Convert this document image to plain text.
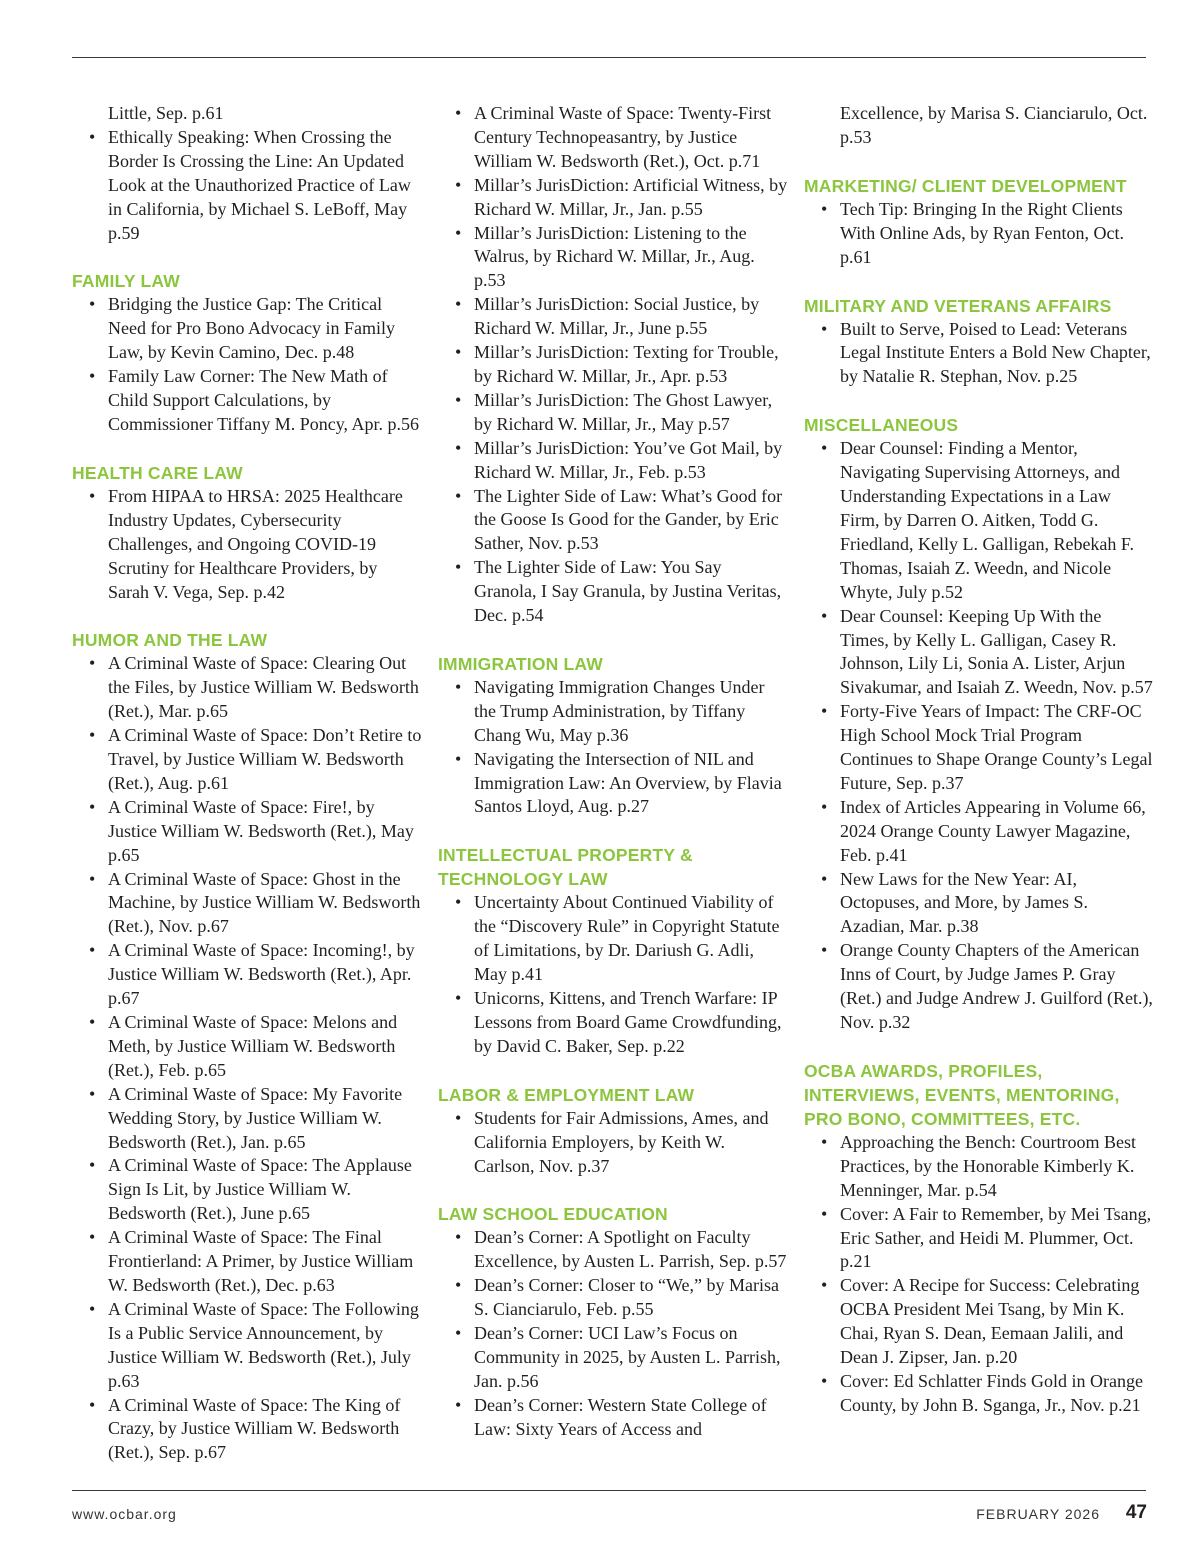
Little, Sep. p.61
• Ethically Speaking: When Crossing the Border Is Crossing the Line: An Updated Look at the Unauthorized Practice of Law in California, by Michael S. LeBoff, May p.59
FAMILY LAW
• Bridging the Justice Gap: The Critical Need for Pro Bono Advocacy in Family Law, by Kevin Camino, Dec. p.48
• Family Law Corner: The New Math of Child Support Calculations, by Commissioner Tiffany M. Poncy, Apr. p.56
HEALTH CARE LAW
• From HIPAA to HRSA: 2025 Healthcare Industry Updates, Cybersecurity Challenges, and Ongoing COVID-19 Scrutiny for Healthcare Providers, by Sarah V. Vega, Sep. p.42
HUMOR AND THE LAW
• A Criminal Waste of Space: Clearing Out the Files, by Justice William W. Bedsworth (Ret.), Mar. p.65
• A Criminal Waste of Space: Don’t Retire to Travel, by Justice William W. Bedsworth (Ret.), Aug. p.61
• A Criminal Waste of Space: Fire!, by Justice William W. Bedsworth (Ret.), May p.65
• A Criminal Waste of Space: Ghost in the Machine, by Justice William W. Bedsworth (Ret.), Nov. p.67
• A Criminal Waste of Space: Incoming!, by Justice William W. Bedsworth (Ret.), Apr. p.67
• A Criminal Waste of Space: Melons and Meth, by Justice William W. Bedsworth (Ret.), Feb. p.65
• A Criminal Waste of Space: My Favorite Wedding Story, by Justice William W. Bedsworth (Ret.), Jan. p.65
• A Criminal Waste of Space: The Applause Sign Is Lit, by Justice William W. Bedsworth (Ret.), June p.65
• A Criminal Waste of Space: The Final Frontierland: A Primer, by Justice William W. Bedsworth (Ret.), Dec. p.63
• A Criminal Waste of Space: The Following Is a Public Service Announcement, by Justice William W. Bedsworth (Ret.), July p.63
• A Criminal Waste of Space: The King of Crazy, by Justice William W. Bedsworth (Ret.), Sep. p.67
• A Criminal Waste of Space: Twenty-First Century Technopeasantry, by Justice William W. Bedsworth (Ret.), Oct. p.71
• Millar’s JurisDiction: Artificial Witness, by Richard W. Millar, Jr., Jan. p.55
• Millar’s JurisDiction: Listening to the Walrus, by Richard W. Millar, Jr., Aug. p.53
• Millar’s JurisDiction: Social Justice, by Richard W. Millar, Jr., June p.55
• Millar’s JurisDiction: Texting for Trouble, by Richard W. Millar, Jr., Apr. p.53
• Millar’s JurisDiction: The Ghost Lawyer, by Richard W. Millar, Jr., May p.57
• Millar’s JurisDiction: You’ve Got Mail, by Richard W. Millar, Jr., Feb. p.53
• The Lighter Side of Law: What’s Good for the Goose Is Good for the Gander, by Eric Sather, Nov. p.53
• The Lighter Side of Law: You Say Granola, I Say Granula, by Justina Veritas, Dec. p.54
IMMIGRATION LAW
• Navigating Immigration Changes Under the Trump Administration, by Tiffany Chang Wu, May p.36
• Navigating the Intersection of NIL and Immigration Law: An Overview, by Flavia Santos Lloyd, Aug. p.27
INTELLECTUAL PROPERTY & TECHNOLOGY LAW
• Uncertainty About Continued Viability of the “Discovery Rule” in Copyright Statute of Limitations, by Dr. Dariush G. Adli, May p.41
• Unicorns, Kittens, and Trench Warfare: IP Lessons from Board Game Crowdfunding, by David C. Baker, Sep. p.22
LABOR & EMPLOYMENT LAW
• Students for Fair Admissions, Ames, and California Employers, by Keith W. Carlson, Nov. p.37
LAW SCHOOL EDUCATION
• Dean’s Corner: A Spotlight on Faculty Excellence, by Austen L. Parrish, Sep. p.57
• Dean’s Corner: Closer to “We,” by Marisa S. Cianciarulo, Feb. p.55
• Dean’s Corner: UCI Law’s Focus on Community in 2025, by Austen L. Parrish, Jan. p.56
• Dean’s Corner: Western State College of Law: Sixty Years of Access and
Excellence, by Marisa S. Cianciarulo, Oct. p.53
MARKETING/ CLIENT DEVELOPMENT
• Tech Tip: Bringing In the Right Clients With Online Ads, by Ryan Fenton, Oct. p.61
MILITARY AND VETERANS AFFAIRS
• Built to Serve, Poised to Lead: Veterans Legal Institute Enters a Bold New Chapter, by Natalie R. Stephan, Nov. p.25
MISCELLANEOUS
• Dear Counsel: Finding a Mentor, Navigating Supervising Attorneys, and Understanding Expectations in a Law Firm, by Darren O. Aitken, Todd G. Friedland, Kelly L. Galligan, Rebekah F. Thomas, Isaiah Z. Weedn, and Nicole Whyte, July p.52
• Dear Counsel: Keeping Up With the Times, by Kelly L. Galligan, Casey R. Johnson, Lily Li, Sonia A. Lister, Arjun Sivakumar, and Isaiah Z. Weedn, Nov. p.57
• Forty-Five Years of Impact: The CRF-OC High School Mock Trial Program Continues to Shape Orange County’s Legal Future, Sep. p.37
• Index of Articles Appearing in Volume 66, 2024 Orange County Lawyer Magazine, Feb. p.41
• New Laws for the New Year: AI, Octopuses, and More, by James S. Azadian, Mar. p.38
• Orange County Chapters of the American Inns of Court, by Judge James P. Gray (Ret.) and Judge Andrew J. Guilford (Ret.), Nov. p.32
OCBA AWARDS, PROFILES, INTERVIEWS, EVENTS, MENTORING, PRO BONO, COMMITTEES, ETC.
• Approaching the Bench: Courtroom Best Practices, by the Honorable Kimberly K. Menninger, Mar. p.54
• Cover: A Fair to Remember, by Mei Tsang, Eric Sather, and Heidi M. Plummer, Oct. p.21
• Cover: A Recipe for Success: Celebrating OCBA President Mei Tsang, by Min K. Chai, Ryan S. Dean, Eemaan Jalili, and Dean J. Zipser, Jan. p.20
• Cover: Ed Schlatter Finds Gold in Orange County, by John B. Sganga, Jr., Nov. p.21
www.ocbar.org	FEBRUARY 2026 47
